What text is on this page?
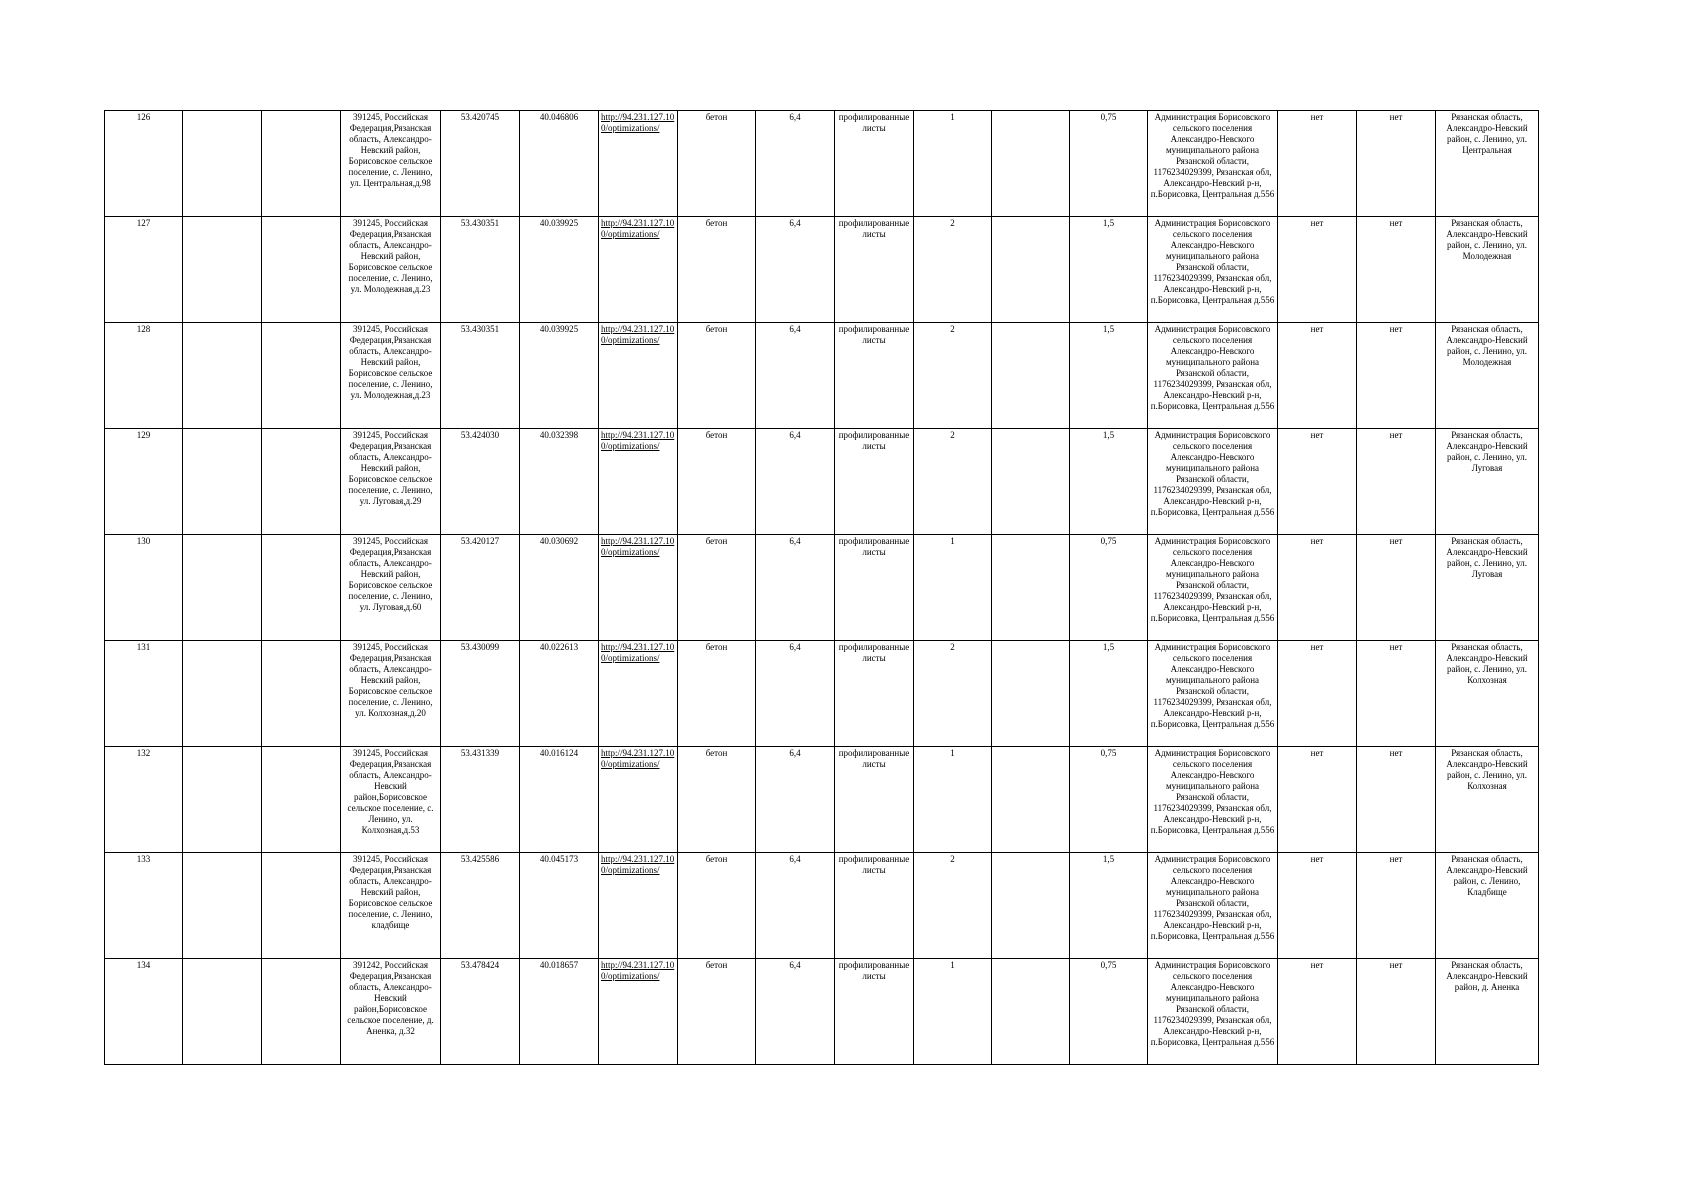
126			391245, Российская Федерация,Рязанская область, Александро-Невский район, Борисовское сельское поселение, с. Ленино, ул. Центральная,д.98	53.420745	40.046806	http://94.231.127.100/optimizations/	бетон	6,4	профилированные листы	1		0,75	Администрация Борисовского сельского поселения Александро-Невского муниципального района Рязанской области, 1176234029399, Рязанская обл, Александро-Невский р-н, п.Борисовка, Центральная д.556	нет	нет	Рязанская область, Александро-Невский район, с. Ленино, ул. Центральная
127			391245, Российская Федерация,Рязанская область, Александро-Невский район, Борисовское сельское поселение, с. Ленино, ул. Молодежная,д.23	53.430351	40.039925	http://94.231.127.100/optimizations/	бетон	6,4	профилированные листы	2		1,5	Администрация Борисовского сельского поселения Александро-Невского муниципального района Рязанской области, 1176234029399, Рязанская обл, Александро-Невский р-н, п.Борисовка, Центральная д.556	нет	нет	Рязанская область, Александро-Невский район, с. Ленино, ул. Молодежная
128			391245, Российская Федерация,Рязанская область, Александро-Невский район, Борисовское сельское поселение, с. Ленино, ул. Молодежная,д.23	53.430351	40.039925	http://94.231.127.100/optimizations/	бетон	6,4	профилированные листы	2		1,5	Администрация Борисовского сельского поселения Александро-Невского муниципального района Рязанской области, 1176234029399, Рязанская обл, Александро-Невский р-н, п.Борисовка, Центральная д.556	нет	нет	Рязанская область, Александро-Невский район, с. Ленино, ул. Молодежная
129			391245, Российская Федерация,Рязанская область, Александро-Невский район, Борисовское сельское поселение, с. Ленино, ул. Луговая,д.29	53.424030	40.032398	http://94.231.127.100/optimizations/	бетон	6,4	профилированные листы	2		1,5	Администрация Борисовского сельского поселения Александро-Невского муниципального района Рязанской области, 1176234029399, Рязанская обл, Александро-Невский р-н, п.Борисовка, Центральная д.556	нет	нет	Рязанская область, Александро-Невский район, с. Ленино, ул. Луговая
130			391245, Российская Федерация,Рязанская область, Александро-Невский район, Борисовское сельское поселение, с. Ленино, ул. Луговая,д.60	53.420127	40.030692	http://94.231.127.100/optimizations/	бетон	6,4	профилированные листы	1		0,75	Администрация Борисовского сельского поселения Александро-Невского муниципального района Рязанской области, 1176234029399, Рязанская обл, Александро-Невский р-н, п.Борисовка, Центральная д.556	нет	нет	Рязанская область, Александро-Невский район, с. Ленино, ул. Луговая
131			391245, Российская Федерация,Рязанская область, Александро-Невский район, Борисовское сельское поселение, с. Ленино, ул. Колхозная,д.20	53.430099	40.022613	http://94.231.127.100/optimizations/	бетон	6,4	профилированные листы	2		1,5	Администрация Борисовского сельского поселения Александро-Невского муниципального района Рязанской области, 1176234029399, Рязанская обл, Александро-Невский р-н, п.Борисовка, Центральная д.556	нет	нет	Рязанская область, Александро-Невский район, с. Ленино, ул. Колхозная
132			391245, Российская Федерация,Рязанская область, Александро-Невский район,Борисовское сельское поселение, с. Ленино, ул. Колхозная,д.53	53.431339	40.016124	http://94.231.127.100/optimizations/	бетон	6,4	профилированные листы	1		0,75	Администрация Борисовского сельского поселения Александро-Невского муниципального района Рязанской области, 1176234029399, Рязанская обл, Александро-Невский р-н, п.Борисовка, Центральная д.556	нет	нет	Рязанская область, Александро-Невский район, с. Ленино, ул. Колхозная
133			391245, Российская Федерация,Рязанская область, Александро-Невский район, Борисовское сельское поселение, с. Ленино, кладбище	53.425586	40.045173	http://94.231.127.100/optimizations/	бетон	6,4	профилированные листы	2		1,5	Администрация Борисовского сельского поселения Александро-Невского муниципального района Рязанской области, 1176234029399, Рязанская обл, Александро-Невский р-н, п.Борисовка, Центральная д.556	нет	нет	Рязанская область, Александро-Невский район, с. Ленино, Кладбище
134			391242, Российская Федерация,Рязанская область, Александро-Невский район,Борисовское сельское поселение, д. Аненка, д.32	53.478424	40.018657	http://94.231.127.100/optimizations/	бетон	6,4	профилированные листы	1		0,75	Администрация Борисовского сельского поселения Александро-Невского муниципального района Рязанской области, 1176234029399, Рязанская обл, Александро-Невский р-н, п.Борисовка, Центральная д.556	нет	нет	Рязанская область, Александро-Невский район, д. Аненка
